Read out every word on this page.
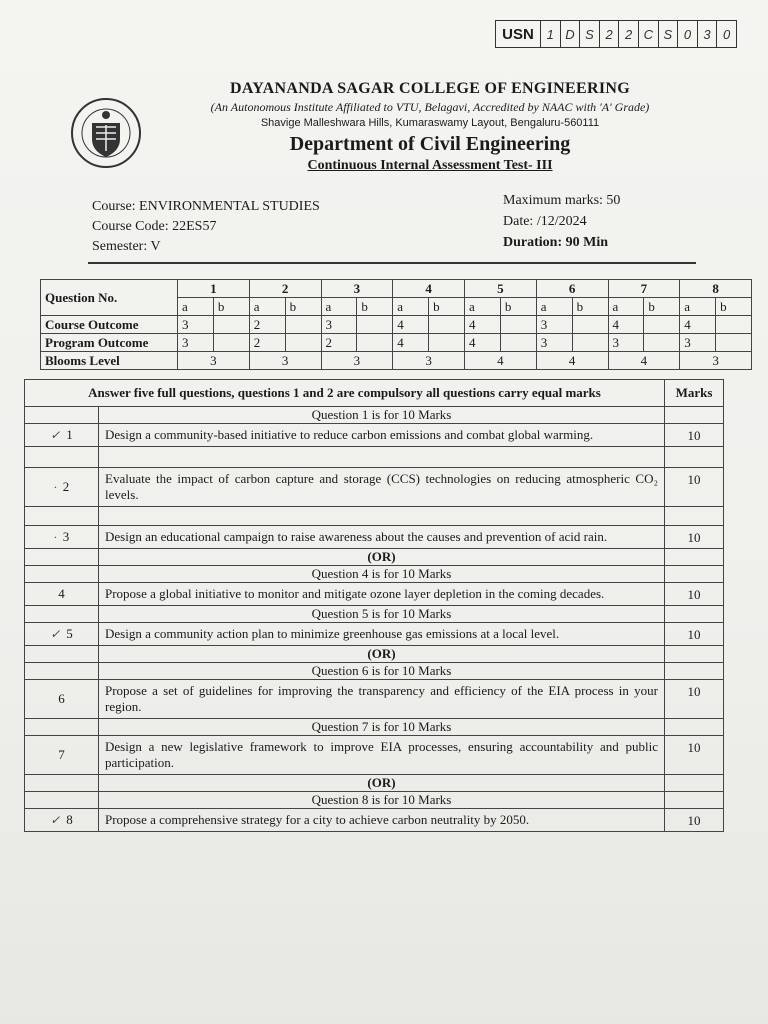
USN 1 D S 2 2 C S 0 3 0
DAYANANDA SAGAR COLLEGE OF ENGINEERING
(An Autonomous Institute Affiliated to VTU, Belagavi, Accredited by NAAC with 'A' Grade)
Shavige Malleshwara Hills, Kumaraswamy Layout, Bengaluru-560111
Department of Civil Engineering
Continuous Internal Assessment Test- III
Course: ENVIRONMENTAL STUDIES
Course Code: 22ES57
Semester: V
Maximum marks: 50
Date: /12/2024
Duration: 90 Min
Question No.	1		2		3		4		5		6		7		8	
	a	b	a	b	a	b	a	b	a	b	a	b	a	b	a	b
Course Outcome	3		2		3		4		4		3		4		4	
Program Outcome	3		2		2		4		4		3		3		3	
Blooms Level	3		3		3		3		4		4		4		3	
Answer five full questions, questions 1 and 2 are compulsory all questions carry equal marks		Marks
	Question 1 is for 10 Marks	
✓ 1	Design a community-based initiative to reduce carbon emissions and combat global warming.	10

· 2	Evaluate the impact of carbon capture and storage (CCS) technologies on reducing atmospheric CO₂ levels.	10

· 3	Design an educational campaign to raise awareness about the causes and prevention of acid rain.	10
	(OR)	
	Question 4 is for 10 Marks	
4	Propose a global initiative to monitor and mitigate ozone layer depletion in the coming decades.	10
	Question 5 is for 10 Marks	
✓ 5	Design a community action plan to minimize greenhouse gas emissions at a local level.	10
	(OR)	
	Question 6 is for 10 Marks	
6	Propose a set of guidelines for improving the transparency and efficiency of the EIA process in your region.	10
	Question 7 is for 10 Marks	
7	Design a new legislative framework to improve EIA processes, ensuring accountability and public participation.	10
	(OR)	
	Question 8 is for 10 Marks	
✓ 8	Propose a comprehensive strategy for a city to achieve carbon neutrality by 2050.	10
